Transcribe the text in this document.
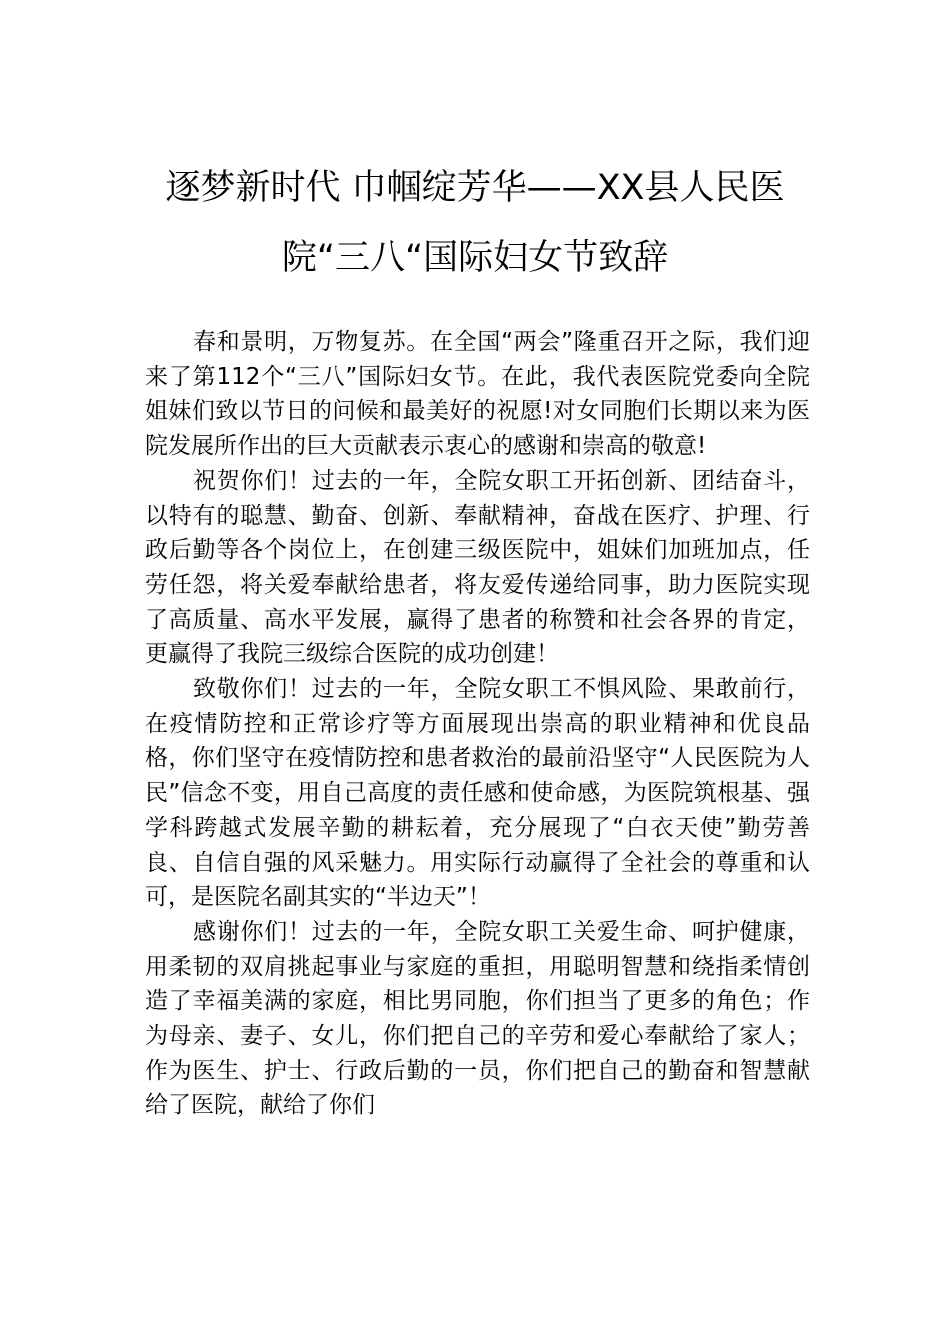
逐梦新时代 巾帼绽芳华——XX县人民医
院“三八“国际妇女节致辞

春和景明，万物复苏。在全国“两会”隆重召开之际，我们迎来了第112个“三八”国际妇女节。在此，我代表医院党委向全院姐妹们致以节日的问候和最美好的祝愿!对女同胞们长期以来为医院发展所作出的巨大贡献表示衷心的感谢和崇高的敬意!

祝贺你们！过去的一年，全院女职工开拓创新、团结奋斗，以特有的聪慧、勤奋、创新、奉献精神，奋战在医疗、护理、行政后勤等各个岗位上，在创建三级医院中，姐妹们加班加点，任劳任怨，将关爱奉献给患者，将友爱传递给同事，助力医院实现了高质量、高水平发展，赢得了患者的称赞和社会各界的肯定，更赢得了我院三级综合医院的成功创建！

致敬你们！过去的一年，全院女职工不惧风险、果敢前行，在疫情防控和正常诊疗等方面展现出崇高的职业精神和优良品格，你们坚守在疫情防控和患者救治的最前沿坚守“人民医院为人民”信念不变，用自己高度的责任感和使命感，为医院筑根基、强学科跨越式发展辛勤的耕耘着，充分展现了“白衣天使”勤劳善良、自信自强的风采魅力。用实际行动赢得了全社会的尊重和认可，是医院名副其实的“半边天”！

感谢你们！过去的一年，全院女职工关爱生命、呵护健康，用柔韧的双肩挑起事业与家庭的重担，用聪明智慧和绕指柔情创造了幸福美满的家庭，相比男同胞，你们担当了更多的角色；作为母亲、妻子、女儿，你们把自己的辛劳和爱心奉献给了家人；作为医生、护士、行政后勤的一员，你们把自己的勤奋和智慧献给了医院，献给了你们
